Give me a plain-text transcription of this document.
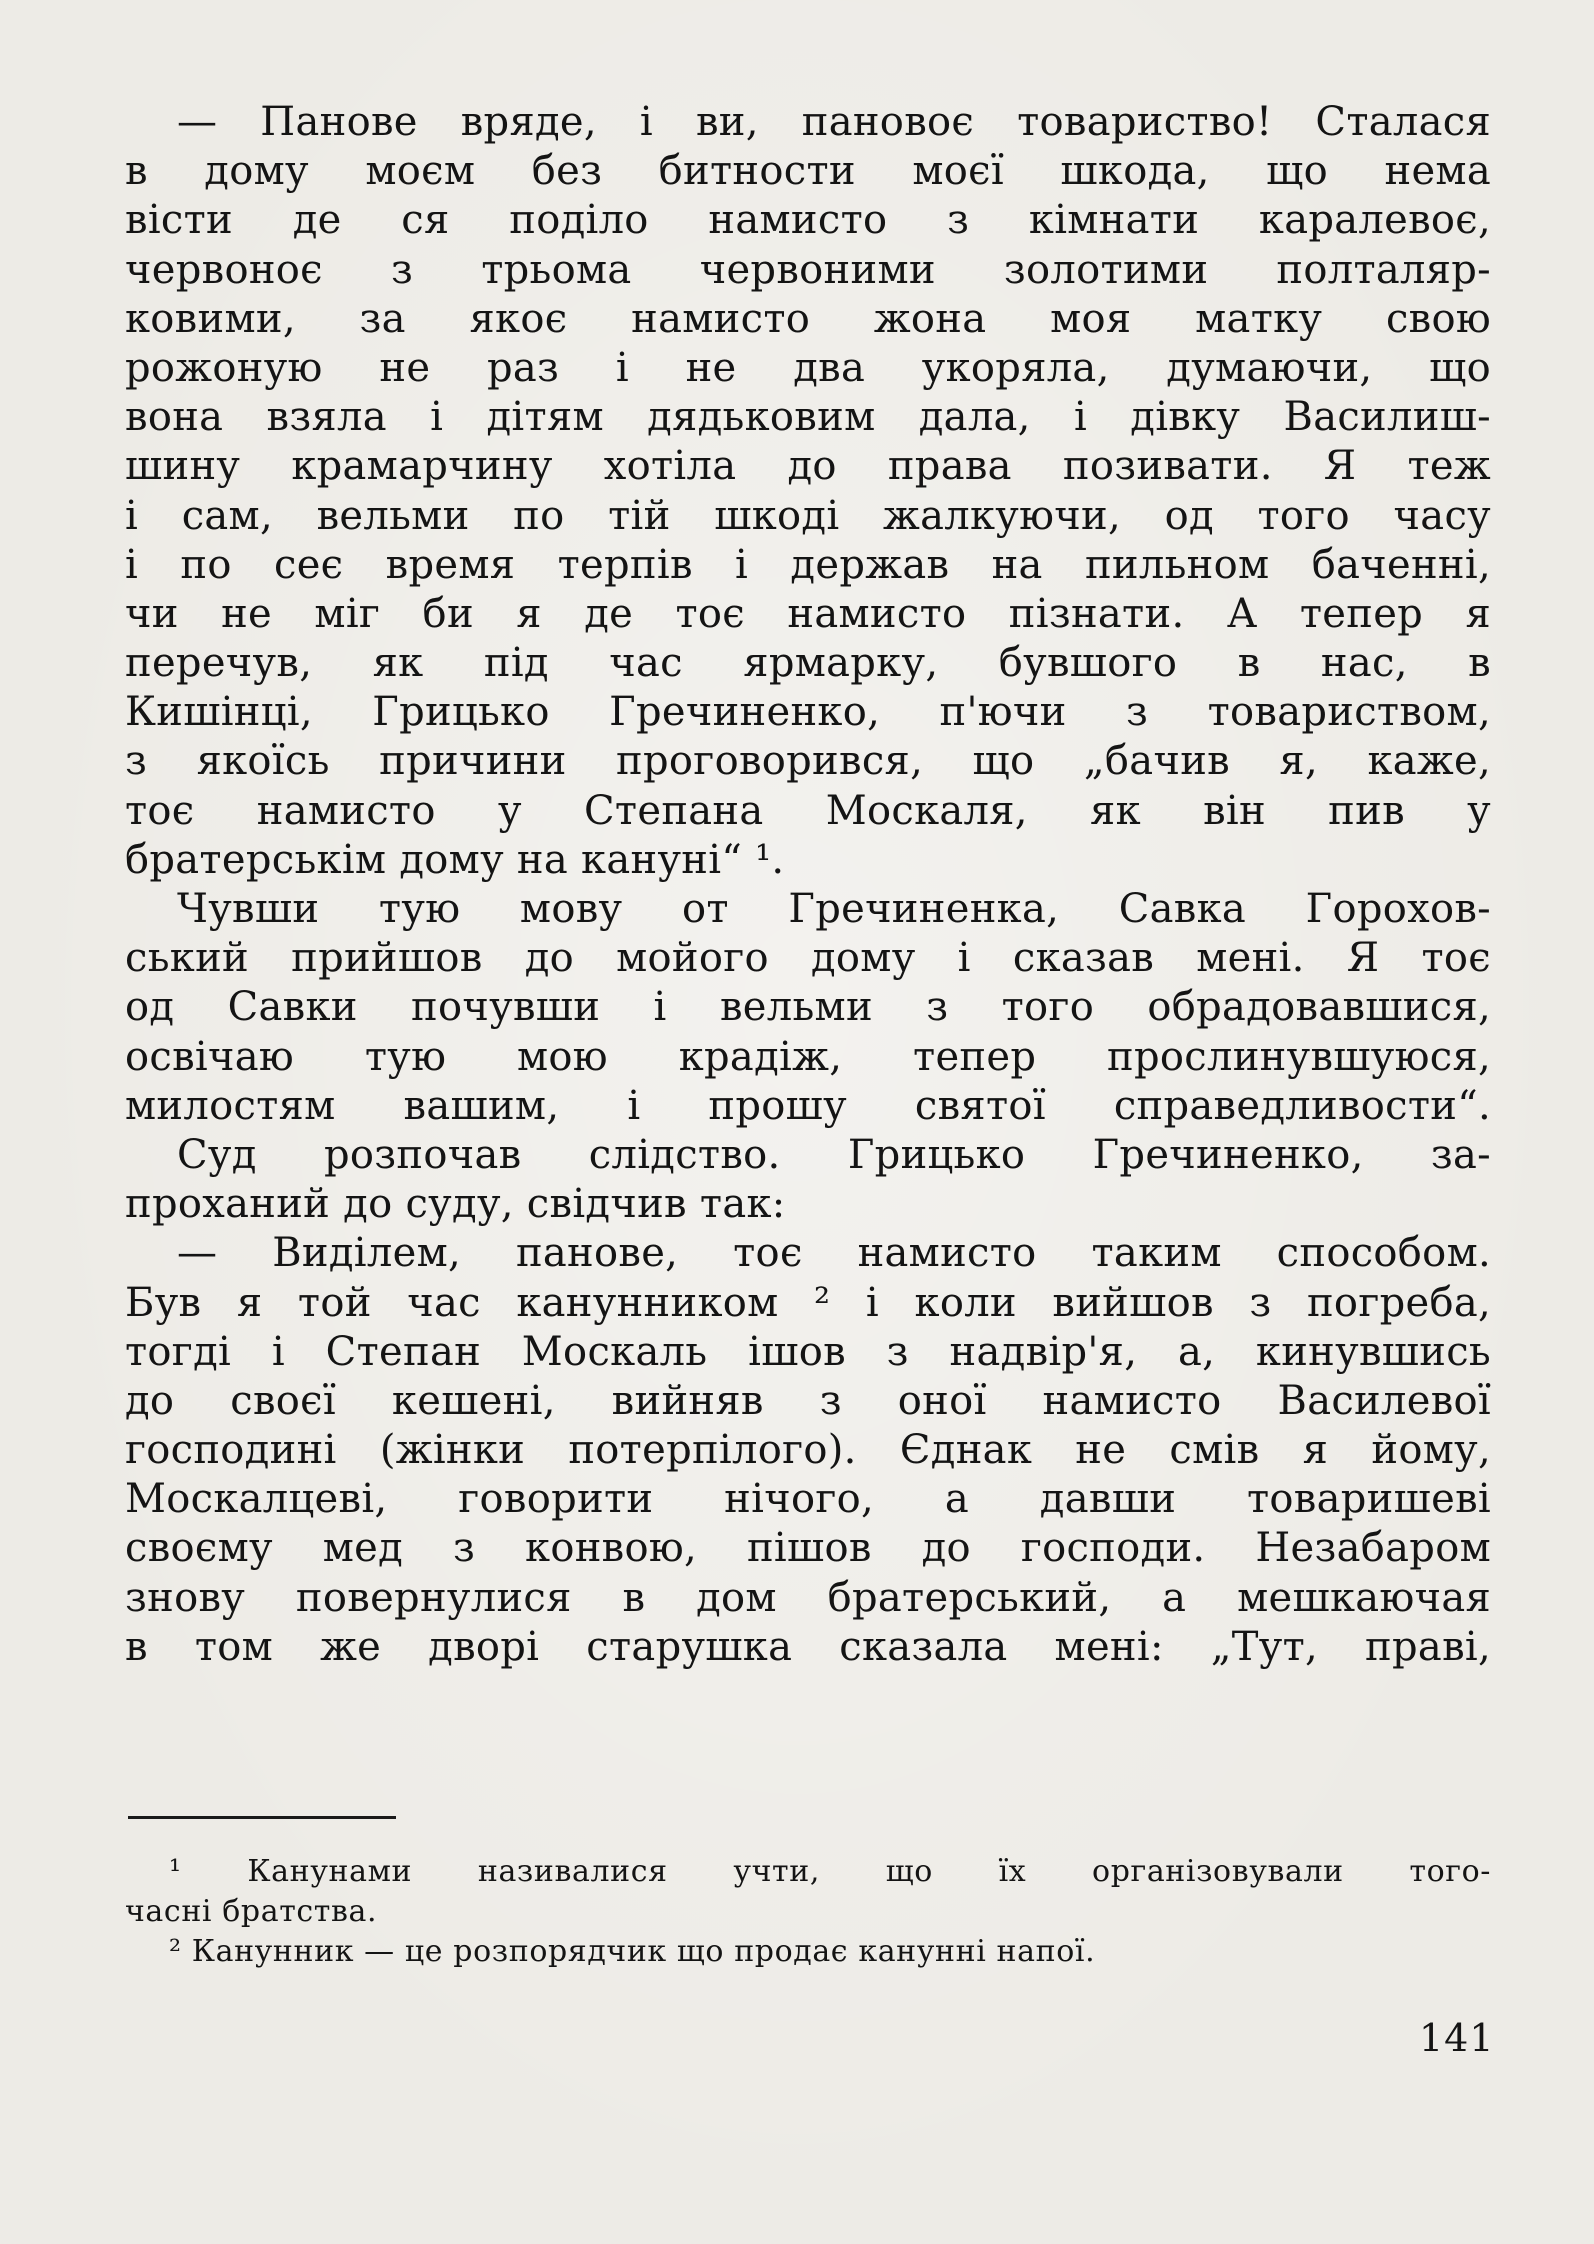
— Панове вряде, і ви, пановоє товариство! Сталася
в дому моєм без битности моєї шкода, що нема
вісти де ся поділо намисто з кімнати каралевоє,
червоноє з трьома червоними золотими полталяр-
ковими, за якоє намисто жона моя матку свою
рожоную не раз і не два укоряла, думаючи, що
вона взяла і дітям дядьковим дала, і дівку Василиш-
шину крамарчину хотіла до права позивати. Я теж
і сам, вельми по тій шкоді жалкуючи, од того часу
і по сеє время терпів і держав на пильном баченні,
чи не міг би я де тоє намисто пізнати. А тепер я
перечув, як під час ярмарку, бувшого в нас, в
Кишінці, Грицько Гречиненко, п'ючи з товариством,
з якоїсь причини проговорився, що „бачив я, каже,
тоє намисто у Степана Москаля, як він пив у
братерськім дому на кануні“ ¹.
Чувши тую мову от Гречиненка, Савка Горохов-
ський прийшов до мойого дому і сказав мені. Я тоє
од Савки почувши і вельми з того обрадовавшися,
освічаю тую мою крадіж, тепер прослинувшуюся,
милостям вашим, і прошу святої справедливости“.
Суд розпочав слідство. Грицько Гречиненко, за-
проханий до суду, свідчив так:
— Виділем, панове, тоє намисто таким способом.
Був я той час канунником ² і коли вийшов з погреба,
тогді і Степан Москаль ішов з надвір'я, а, кинувшись
до своєї кешені, вийняв з оної намисто Василевої
господині (жінки потерпілого). Єднак не смів я йому,
Москалцеві, говорити нічого, а давши товаришеві
своєму мед з конвою, пішов до господи. Незабаром
знову повернулися в дом братерський, а мешкаючая
в том же дворі старушка сказала мені: „Тут, праві,
¹ Канунами називалися учти, що їх організовували того-
часні братства.
² Канунник — це розпорядчик що продає канунні напої.
141
